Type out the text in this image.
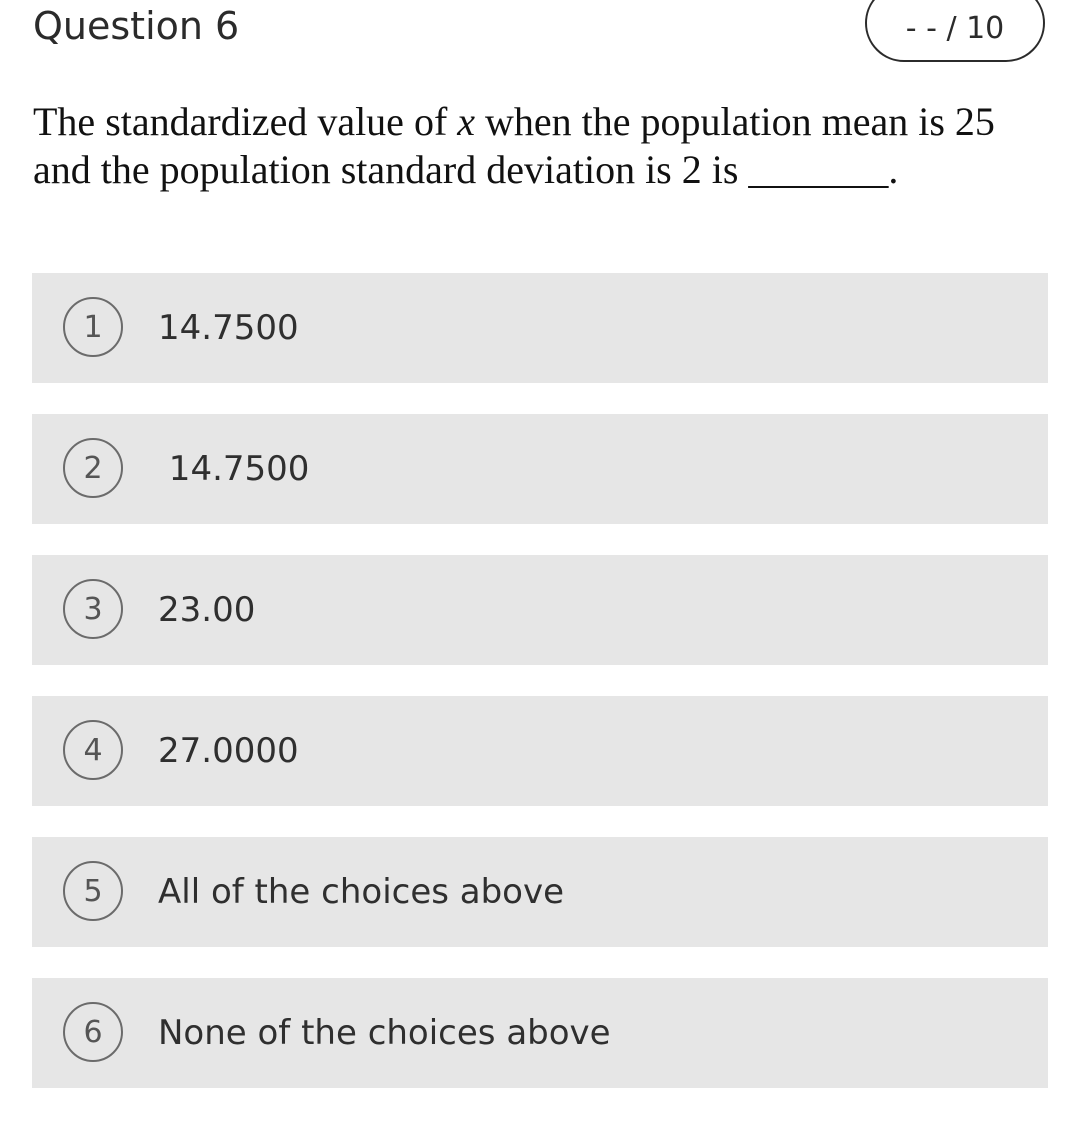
Question 6	- - / 10
The standardized value of x when the population mean is 25 and the population standard deviation is 2 is _______.
1	14.7500
2	14.7500
3	23.00
4	27.0000
5	All of the choices above
6	None of the choices above
